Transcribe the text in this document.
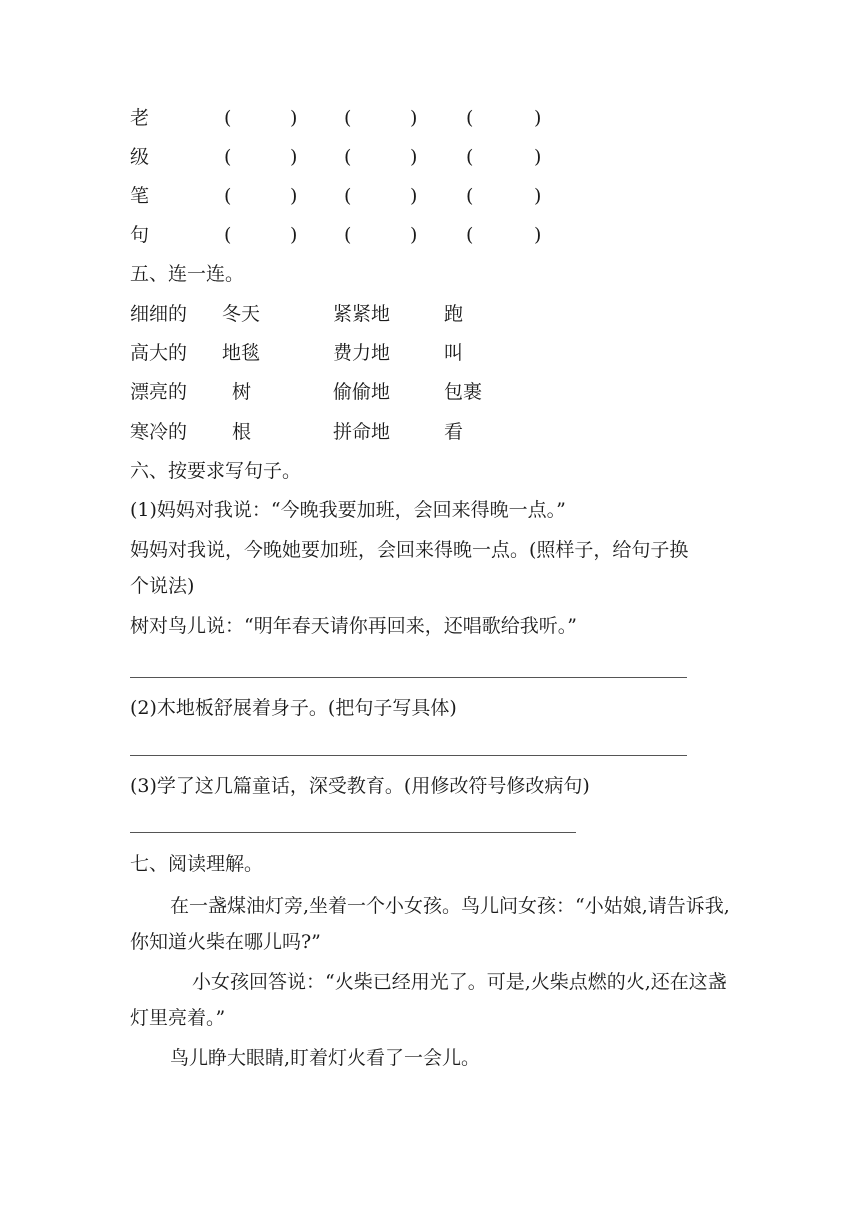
老	(	) (	)	(	)
级	(	) (	)	(	)
笔	(	) (	)	(	)
句	(	) (	)	(	)
五、连一连。
细细的 冬天	紧紧地	跑
高大的 地毯	费力地	叫
漂亮的 树	偷偷地	包裹
寒冷的 根	拼命地	看
六、按要求写句子。
(1)妈妈对我说：“今晚我要加班，会回来得晚一点。”
妈妈对我说，今晚她要加班，会回来得晚一点。(照样子，给句子换
个说法)
树对鸟儿说：“明年春天请你再回来，还唱歌给我听。”
(2)木地板舒展着身子。(把句子写具体)
(3)学了这几篇童话，深受教育。(用修改符号修改病句)
七、阅读理解。
在一盏煤油灯旁,坐着一个小女孩。鸟儿问女孩：“小姑娘,请告诉我,你知道火柴在哪儿吗?”
小女孩回答说：“火柴已经用光了。可是,火柴点燃的火,还在这盏灯里亮着。”
鸟儿睁大眼睛,盯着灯火看了一会儿。
